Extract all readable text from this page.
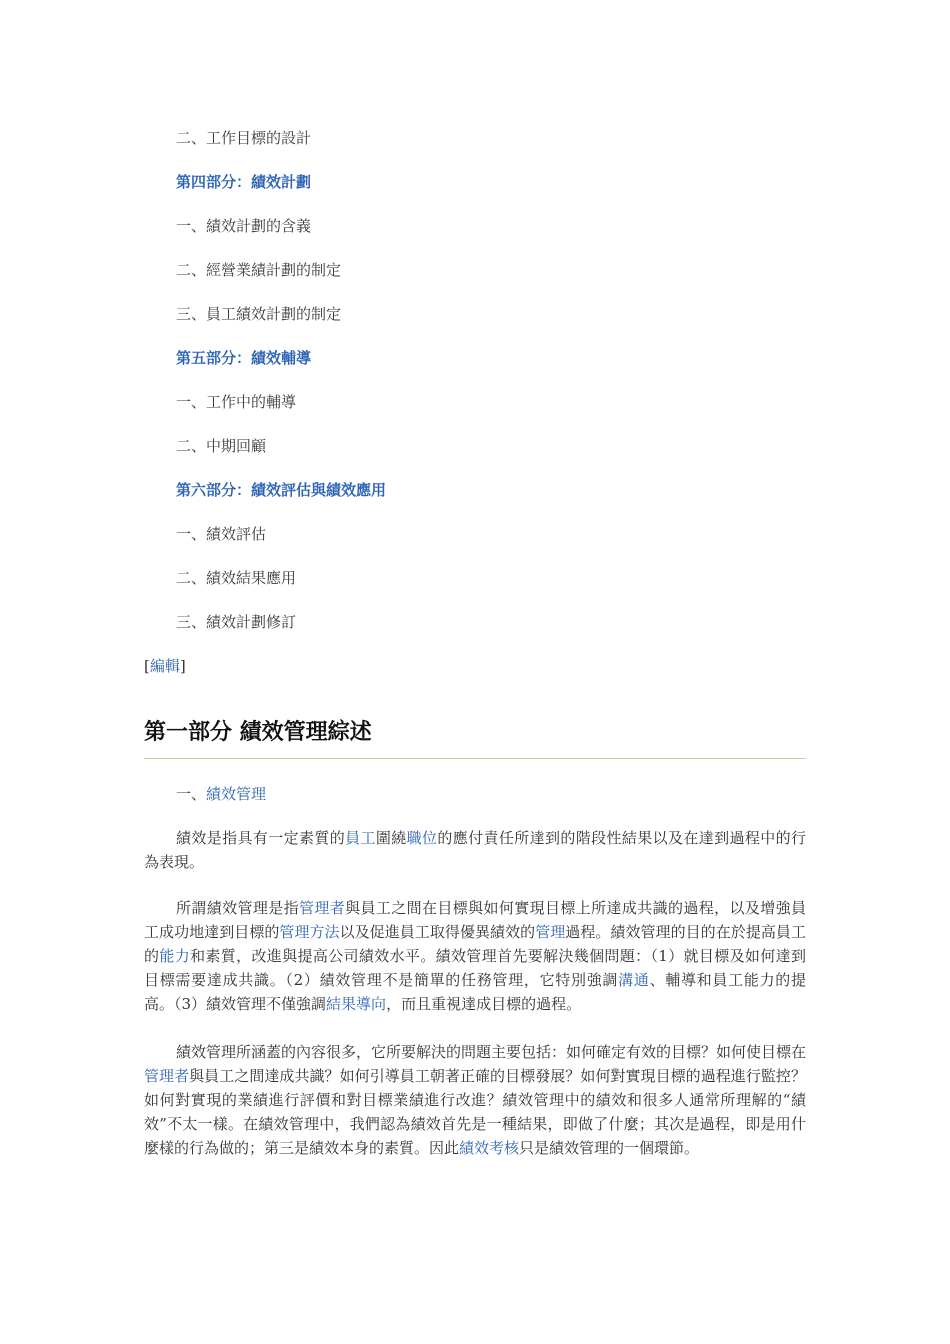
二、工作目標的設計
第四部分：績效計劃
一、績效計劃的含義
二、經營業績計劃的制定
三、員工績效計劃的制定
第五部分：績效輔導
一、工作中的輔導
二、中期回顧
第六部分：績效評估與績效應用
一、績效評估
二、績效結果應用
三、績效計劃修訂
[編輯]
第一部分 績效管理綜述
一、績效管理

績效是指具有一定素質的員工圍繞職位的應付責任所達到的階段性結果以及在達到過程中的行為表現。

所謂績效管理是指管理者與員工之間在目標與如何實現目標上所達成共識的過程，以及增強員工成功地達到目標的管理方法以及促進員工取得優異績效的管理過程。績效管理的目的在於提高員工的能力和素質，改進與提高公司績效水平。績效管理首先要解決幾個問題：（1）就目標及如何達到目標需要達成共識。（2）績效管理不是簡單的任務管理，它特別強調溝通、輔導和員工能力的提高。（3）績效管理不僅強調結果導向，而且重視達成目標的過程。

績效管理所涵蓋的內容很多，它所要解決的問題主要包括：如何確定有效的目標？如何使目標在管理者與員工之間達成共識？如何引導員工朝著正確的目標發展？如何對實現目標的過程進行監控？如何對實現的業績進行評價和對目標業績進行改進？績效管理中的績效和很多人通常所理解的“績效”不太一樣。在績效管理中，我們認為績效首先是一種結果，即做了什麼；其次是過程，即是用什麼樣的行為做的；第三是績效本身的素質。因此績效考核只是績效管理的一個環節。
